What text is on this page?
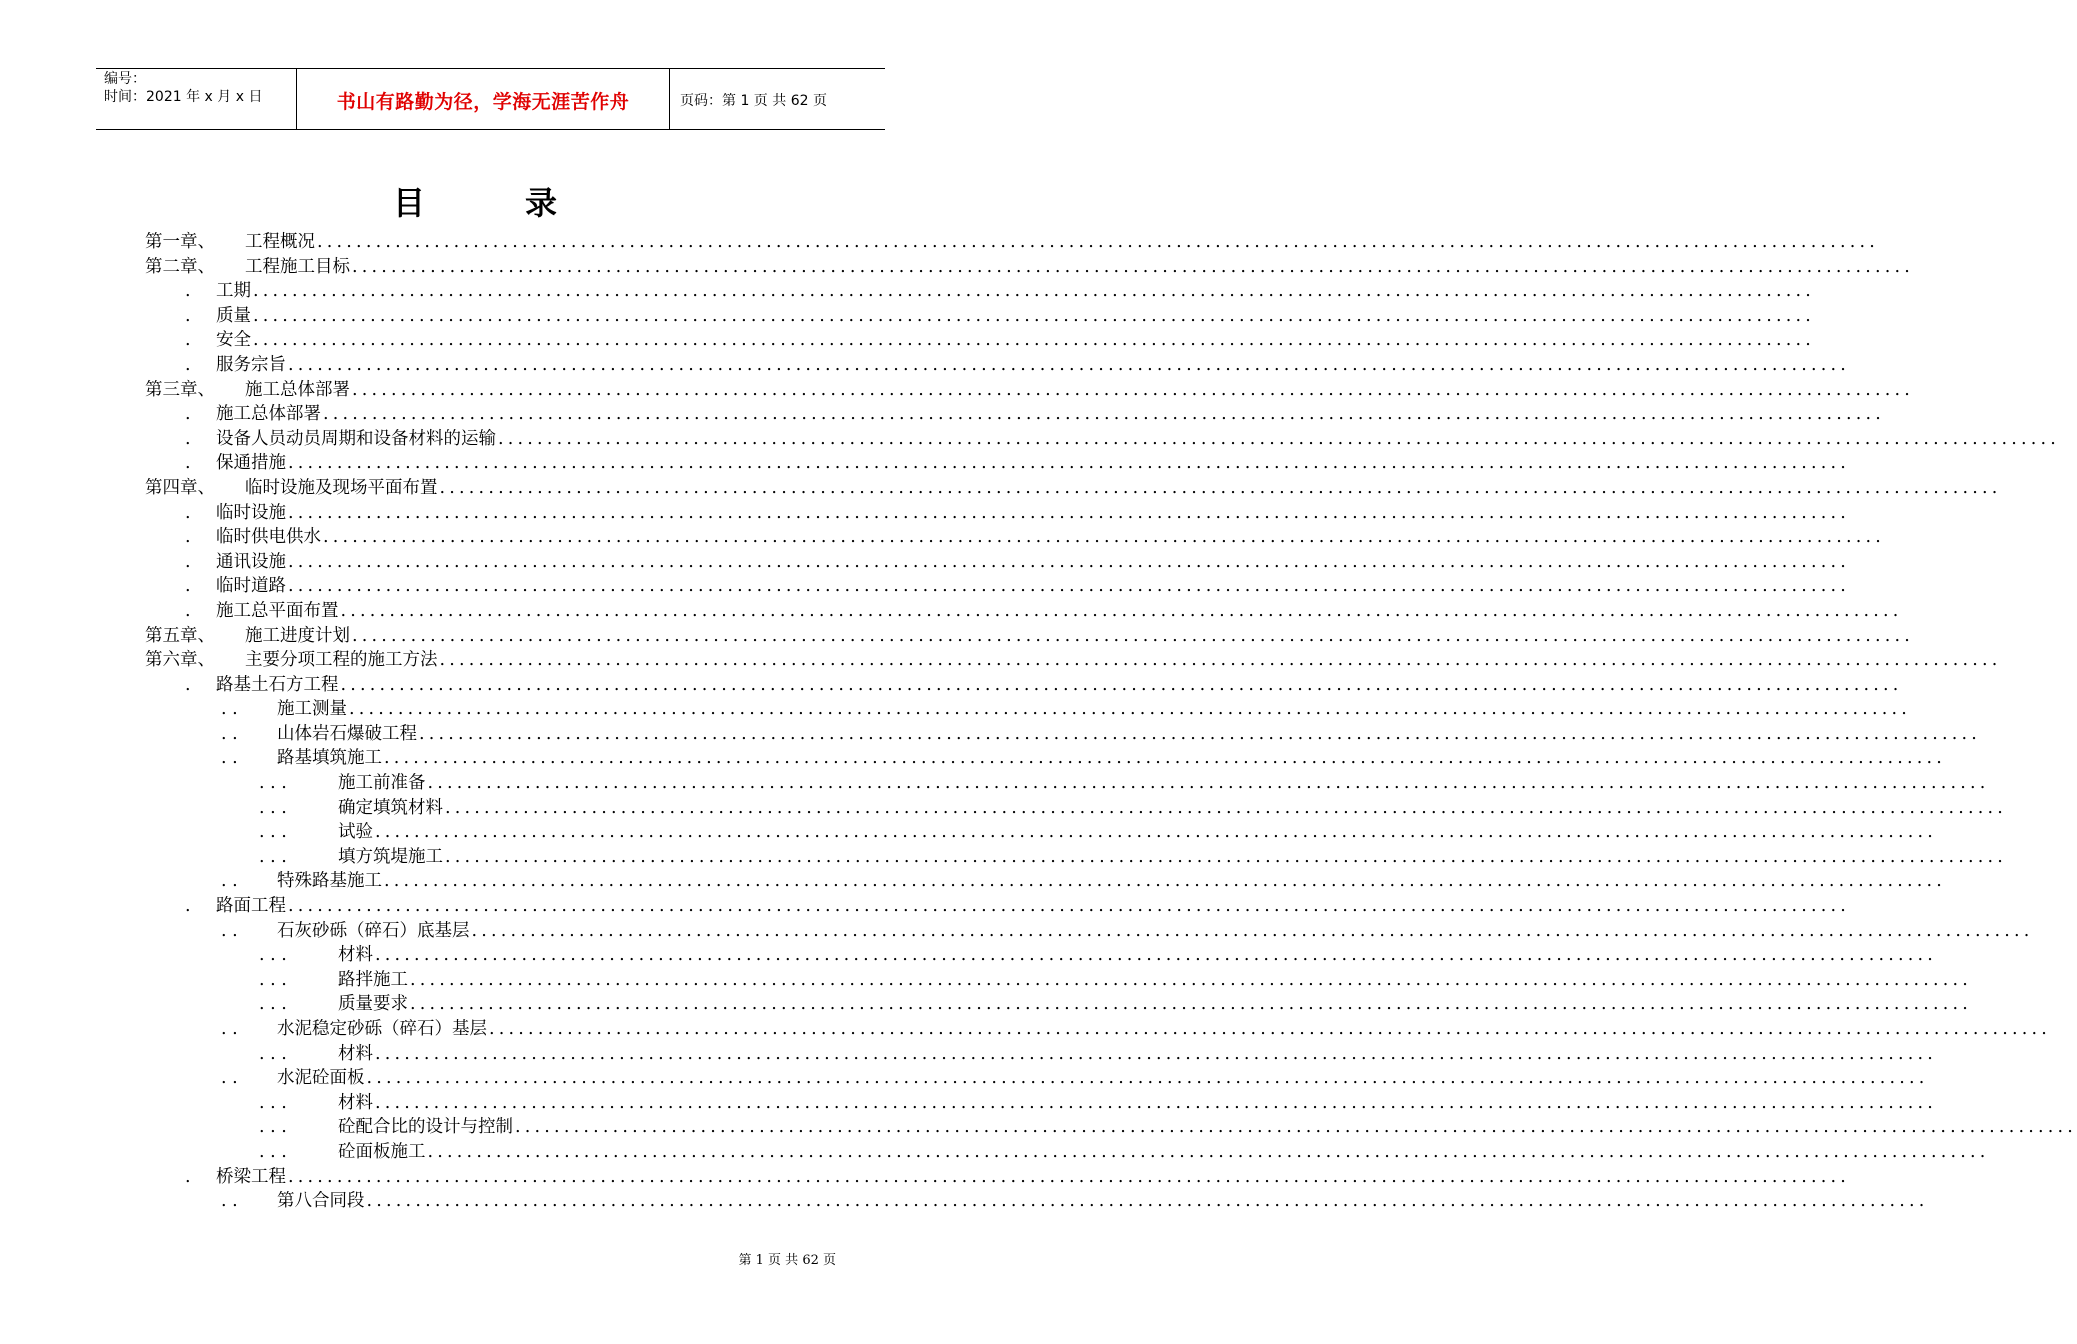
编号：
时间：2021 年 x 月 x 日	书山有路勤为径，学海无涯苦作舟	页码：第 1 页 共 62 页
目录
第一章、 工程概况 ................................................................................................................................................................
第二章、 工程施工目标 ................................................................................................................................................................
. 工期 ................................................................................................................................................................
. 质量 ................................................................................................................................................................
. 安全 ................................................................................................................................................................
. 服务宗旨 ................................................................................................................................................................
第三章、 施工总体部署 ................................................................................................................................................................
. 施工总体部署 ................................................................................................................................................................
. 设备人员动员周期和设备材料的运输 ................................................................................................................................................................
. 保通措施 ................................................................................................................................................................
第四章、 临时设施及现场平面布置 ................................................................................................................................................................
. 临时设施 ................................................................................................................................................................
. 临时供电供水 ................................................................................................................................................................
. 通讯设施 ................................................................................................................................................................
. 临时道路 ................................................................................................................................................................
. 施工总平面布置 ................................................................................................................................................................
第五章、 施工进度计划 ................................................................................................................................................................
第六章、 主要分项工程的施工方法 ................................................................................................................................................................
. 路基土石方工程 ................................................................................................................................................................
. . 施工测量 ................................................................................................................................................................
. . 山体岩石爆破工程 ................................................................................................................................................................
. . 路基填筑施工 ................................................................................................................................................................
. . .	施工前准备 ................................................................................................................................................................
. . .	确定填筑材料 ................................................................................................................................................................
. . .	试验 ................................................................................................................................................................
. . .	填方筑堤施工 ................................................................................................................................................................
. . 特殊路基施工 ................................................................................................................................................................
. 路面工程 ................................................................................................................................................................
. . 石灰砂砾（碎石）底基层 ................................................................................................................................................................
. . .	材料 ................................................................................................................................................................
. . .	路拌施工 ................................................................................................................................................................
. . .	质量要求 ................................................................................................................................................................
. . 水泥稳定砂砾（碎石）基层 ................................................................................................................................................................
. . .	材料 ................................................................................................................................................................
. . 水泥砼面板 ................................................................................................................................................................
. . .	材料 ................................................................................................................................................................
. . .	砼配合比的设计与控制 ................................................................................................................................................................
. . .	砼面板施工 ................................................................................................................................................................
. 桥梁工程 ................................................................................................................................................................
. . 第八合同段 ................................................................................................................................................................
第 1 页 共 62 页
